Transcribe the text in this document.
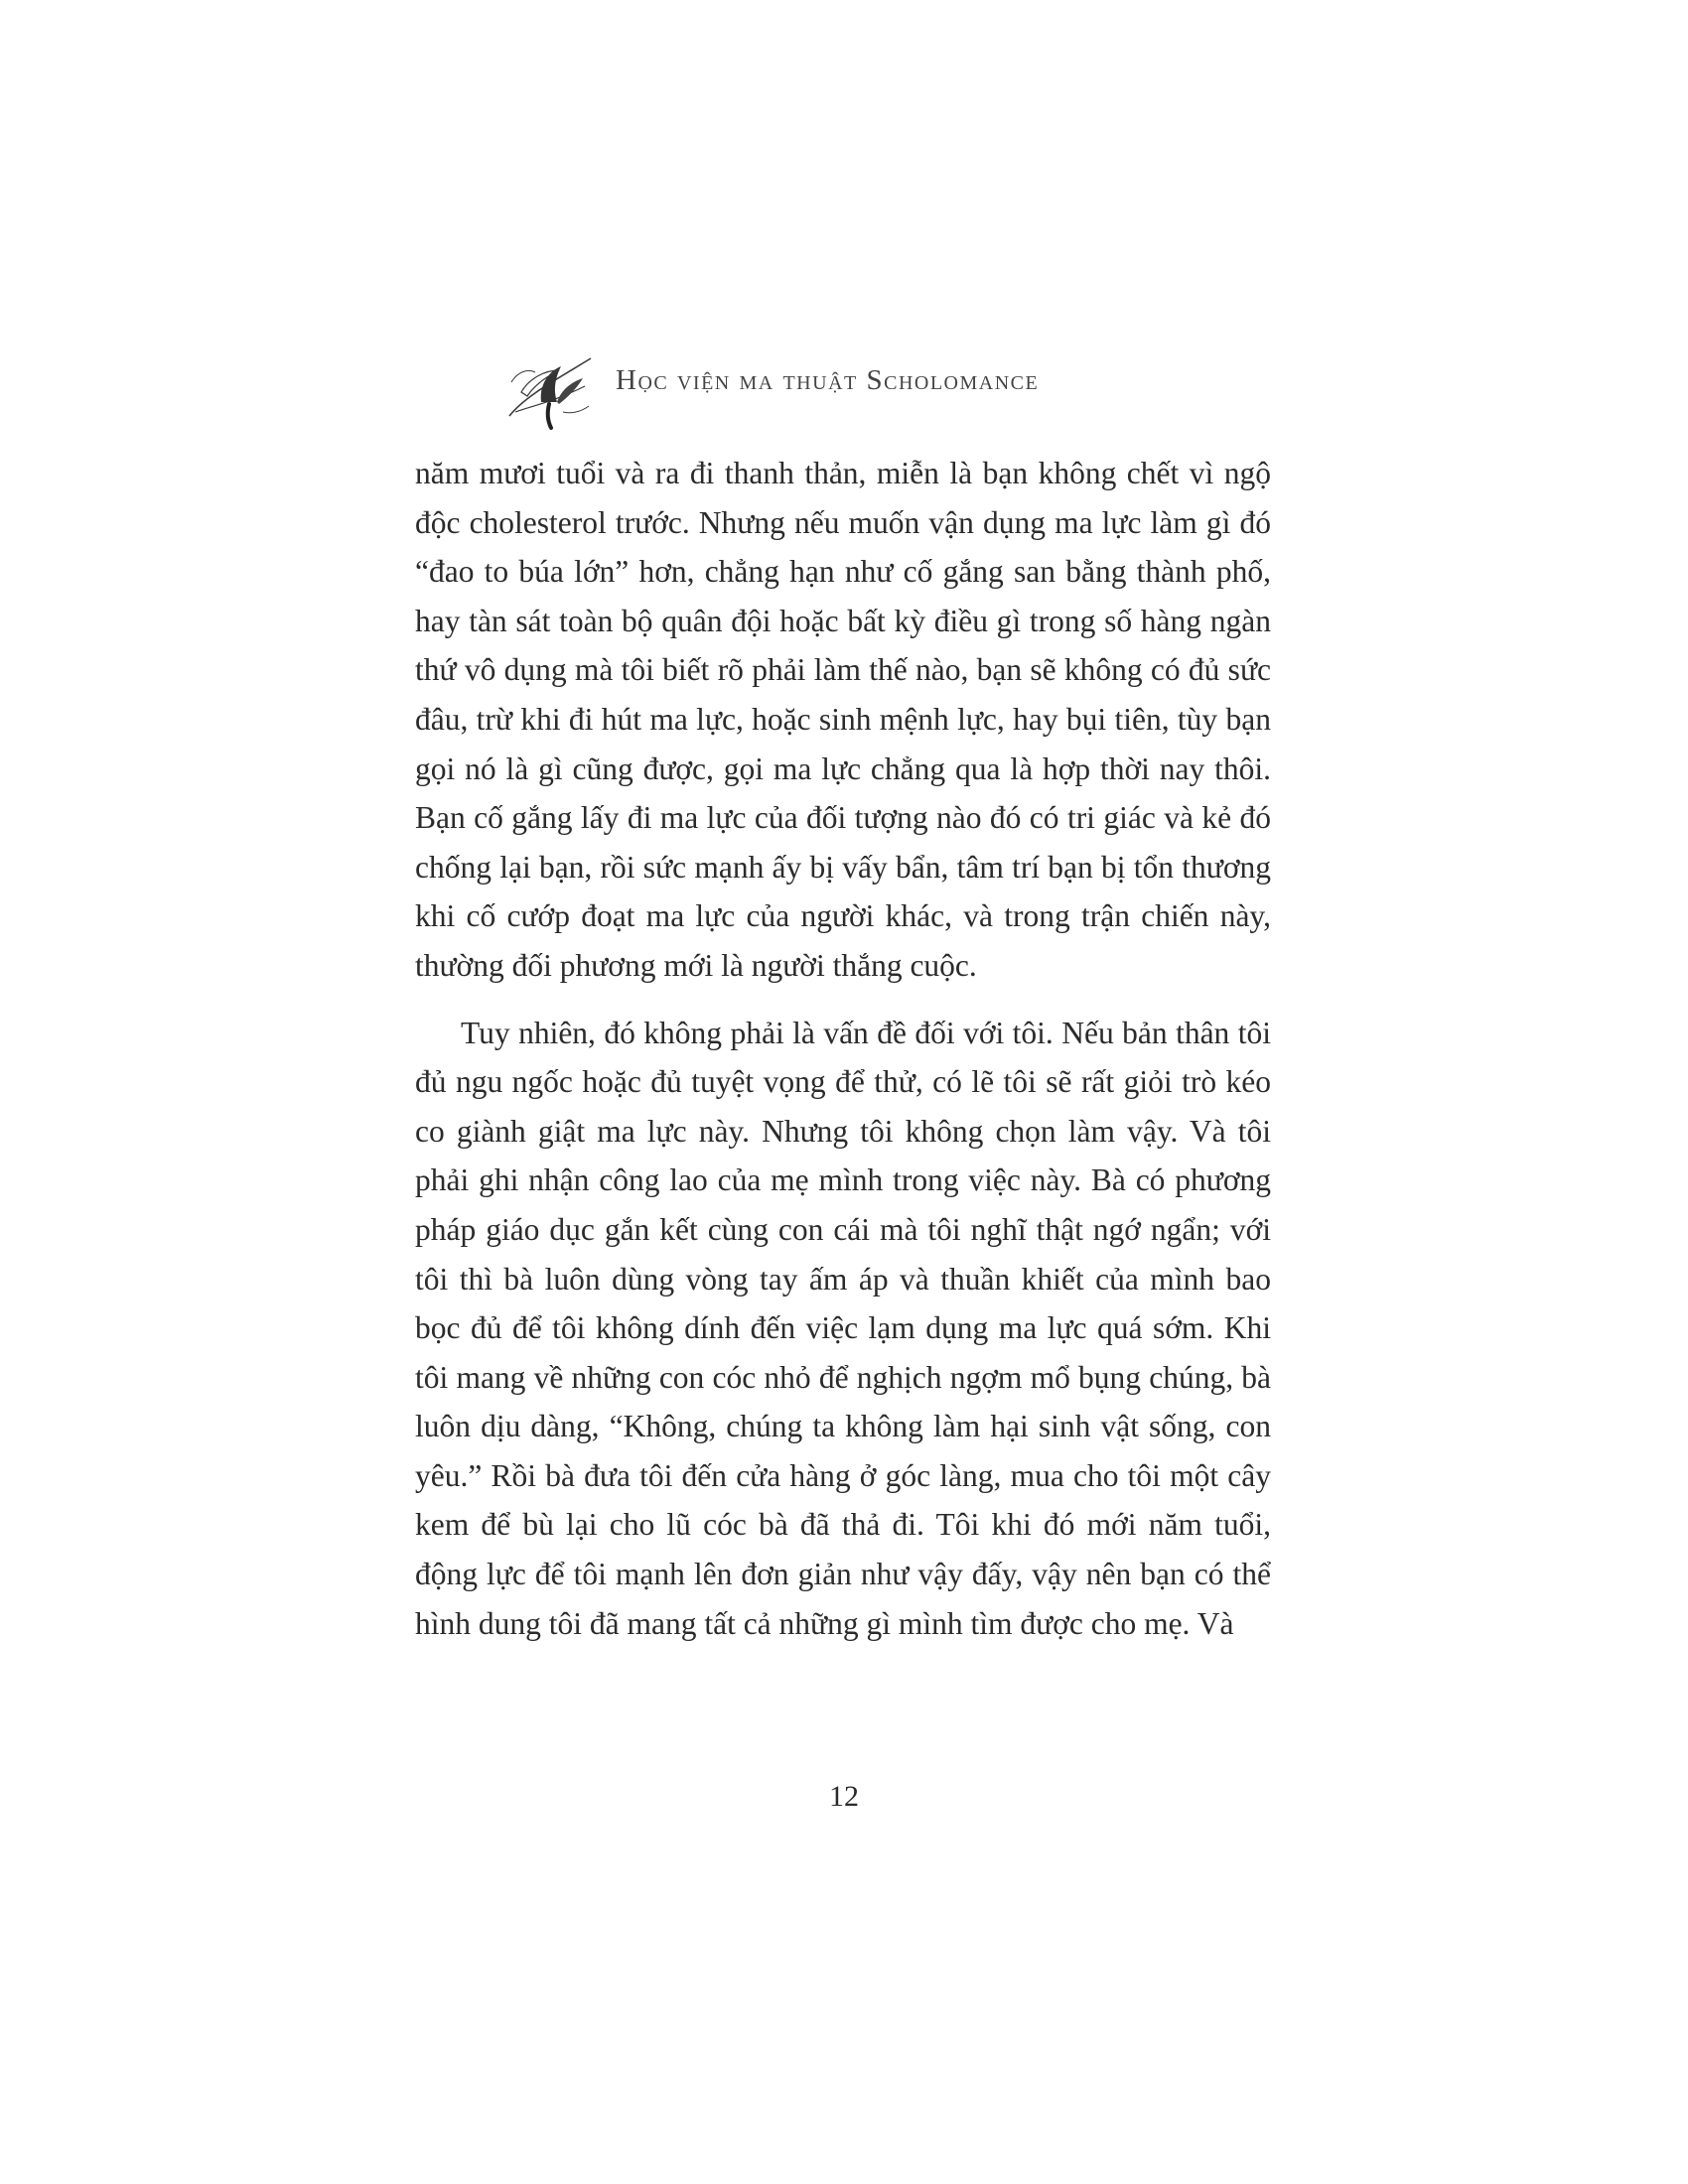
Học viện ma thuật Scholomance

năm mươi tuổi và ra đi thanh thản, miễn là bạn không chết vì ngộ độc cholesterol trước. Nhưng nếu muốn vận dụng ma lực làm gì đó “đao to búa lớn” hơn, chẳng hạn như cố gắng san bằng thành phố, hay tàn sát toàn bộ quân đội hoặc bất kỳ điều gì trong số hàng ngàn thứ vô dụng mà tôi biết rõ phải làm thế nào, bạn sẽ không có đủ sức đâu, trừ khi đi hút ma lực, hoặc sinh mệnh lực, hay bụi tiên, tùy bạn gọi nó là gì cũng được, gọi ma lực chẳng qua là hợp thời nay thôi. Bạn cố gắng lấy đi ma lực của đối tượng nào đó có tri giác và kẻ đó chống lại bạn, rồi sức mạnh ấy bị vấy bẩn, tâm trí bạn bị tổn thương khi cố cướp đoạt ma lực của người khác, và trong trận chiến này, thường đối phương mới là người thắng cuộc.

Tuy nhiên, đó không phải là vấn đề đối với tôi. Nếu bản thân tôi đủ ngu ngốc hoặc đủ tuyệt vọng để thử, có lẽ tôi sẽ rất giỏi trò kéo co giành giật ma lực này. Nhưng tôi không chọn làm vậy. Và tôi phải ghi nhận công lao của mẹ mình trong việc này. Bà có phương pháp giáo dục gắn kết cùng con cái mà tôi nghĩ thật ngớ ngẩn; với tôi thì bà luôn dùng vòng tay ấm áp và thuần khiết của mình bao bọc đủ để tôi không dính đến việc lạm dụng ma lực quá sớm. Khi tôi mang về những con cóc nhỏ để nghịch ngợm mổ bụng chúng, bà luôn dịu dàng, “Không, chúng ta không làm hại sinh vật sống, con yêu.” Rồi bà đưa tôi đến cửa hàng ở góc làng, mua cho tôi một cây kem để bù lại cho lũ cóc bà đã thả đi. Tôi khi đó mới năm tuổi, động lực để tôi mạnh lên đơn giản như vậy đấy, vậy nên bạn có thể hình dung tôi đã mang tất cả những gì mình tìm được cho mẹ. Và

12
